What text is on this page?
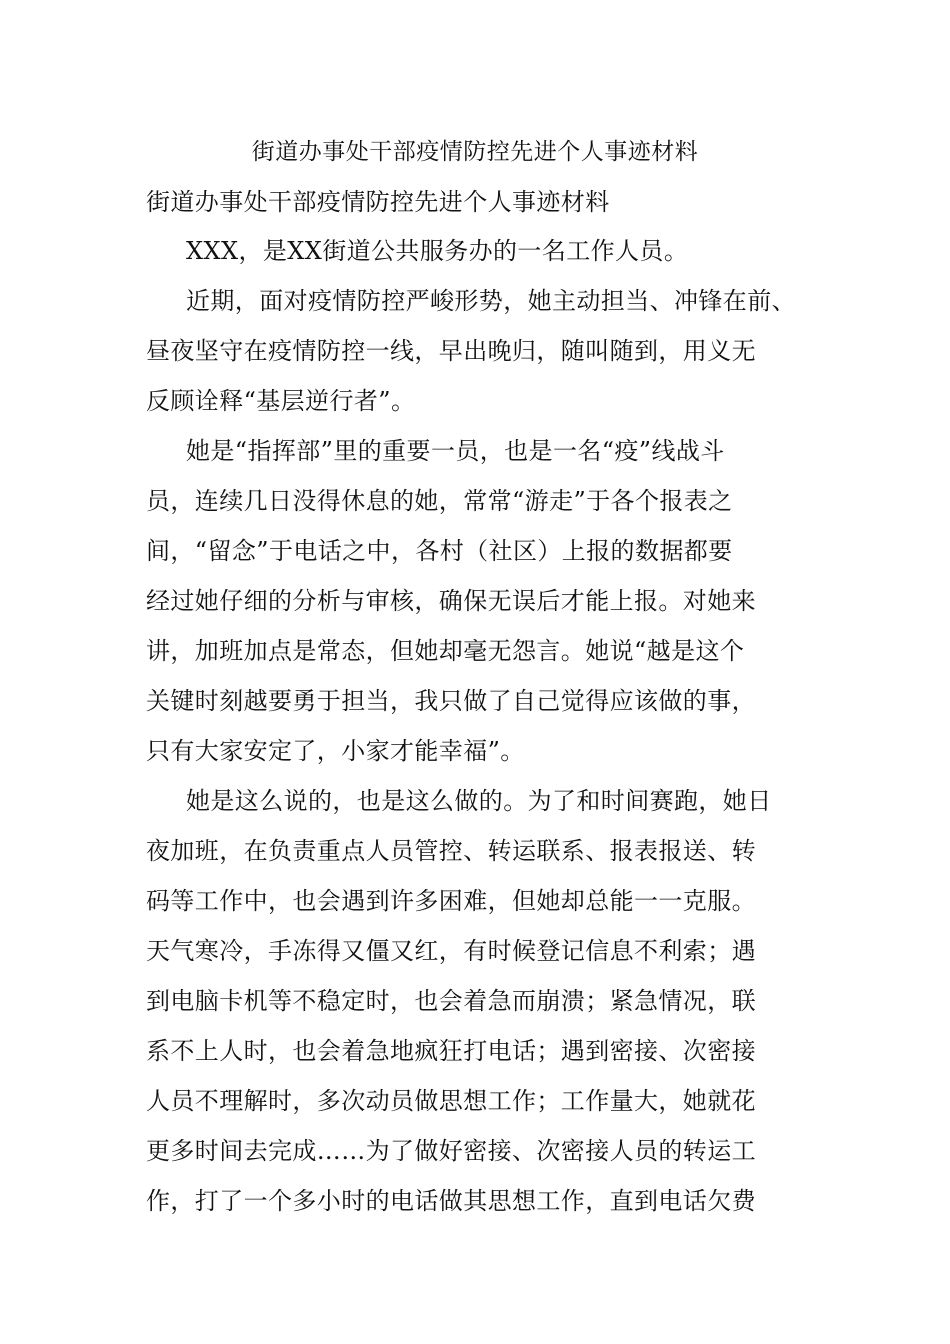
街道办事处干部疫情防控先进个人事迹材料
街道办事处干部疫情防控先进个人事迹材料
XXX，是XX街道公共服务办的一名工作人员。
近期，面对疫情防控严峻形势，她主动担当、冲锋在前、
昼夜坚守在疫情防控一线，早出晚归，随叫随到，用义无
反顾诠释“基层逆行者”。
她是“指挥部”里的重要一员，也是一名“疫”线战斗
员，连续几日没得休息的她，常常“游走”于各个报表之
间，“留念”于电话之中，各村（社区）上报的数据都要
经过她仔细的分析与审核，确保无误后才能上报。对她来
讲，加班加点是常态，但她却毫无怨言。她说“越是这个
关键时刻越要勇于担当，我只做了自己觉得应该做的事，
只有大家安定了，小家才能幸福”。
她是这么说的，也是这么做的。为了和时间赛跑，她日
夜加班，在负责重点人员管控、转运联系、报表报送、转
码等工作中，也会遇到许多困难，但她却总能一一克服。
天气寒冷，手冻得又僵又红，有时候登记信息不利索；遇
到电脑卡机等不稳定时，也会着急而崩溃；紧急情况，联
系不上人时，也会着急地疯狂打电话；遇到密接、次密接
人员不理解时，多次动员做思想工作；工作量大，她就花
更多时间去完成……为了做好密接、次密接人员的转运工
作，打了一个多小时的电话做其思想工作，直到电话欠费
